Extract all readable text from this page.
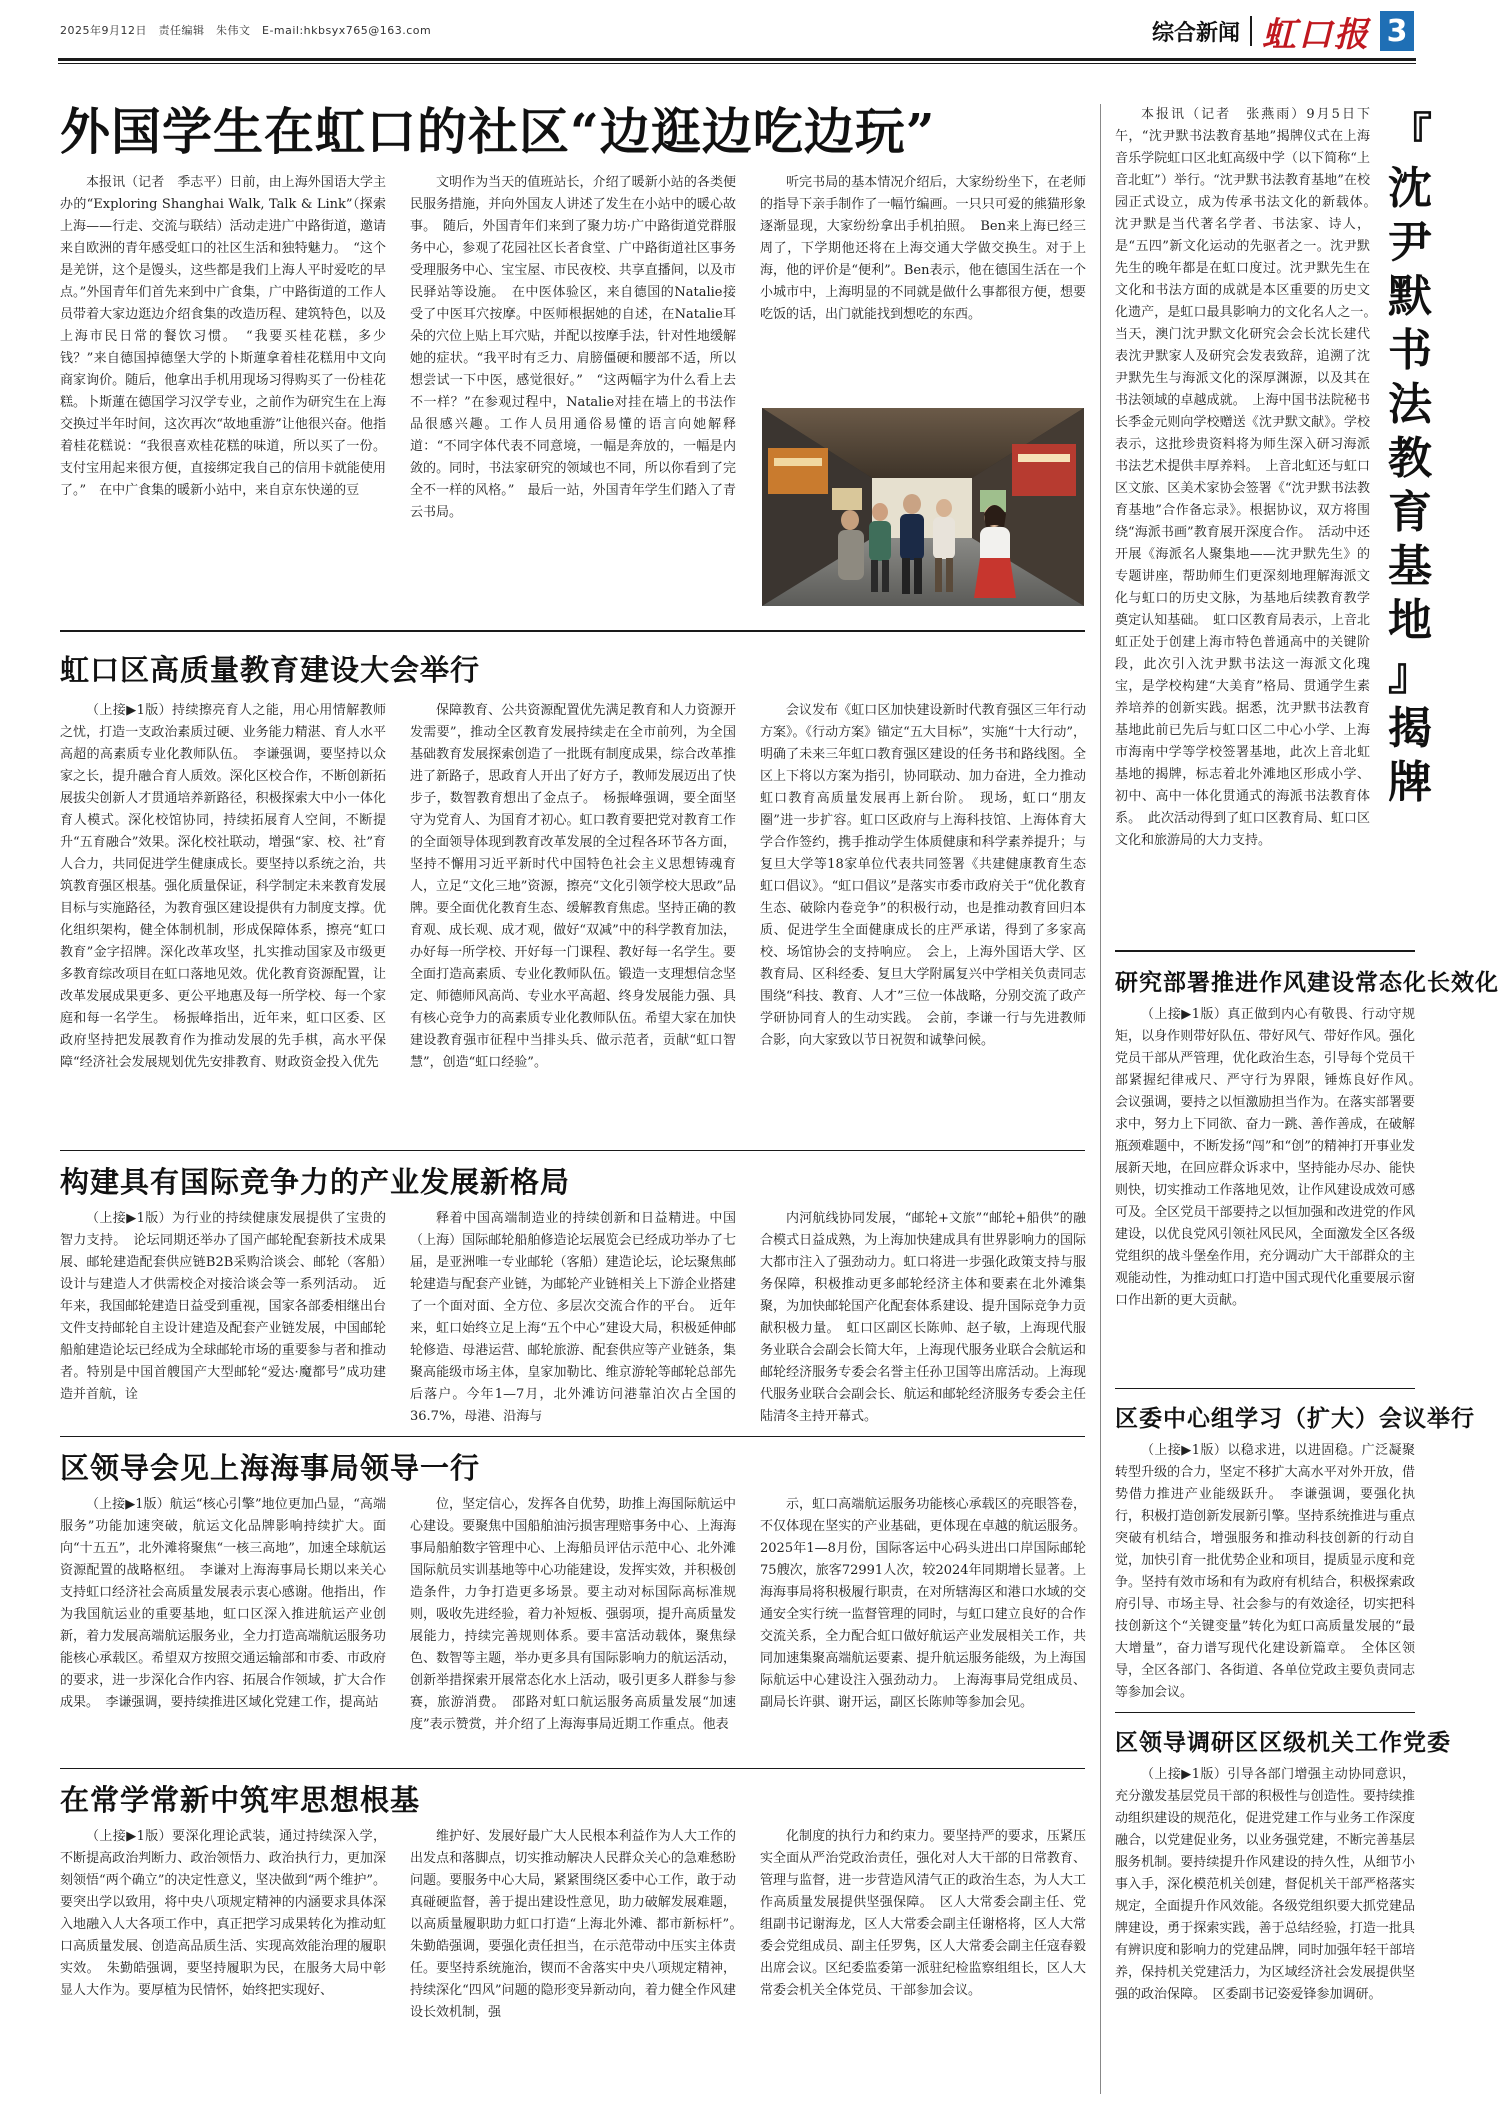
2025年9月12日　责任编辑　朱伟文　E-mail:hkbsyx765@163.com	综合新闻 虹口报 3
外国学生在虹口的社区“边逛边吃边玩”

本报讯（记者　季志平）日前，由上海外国语大学主办的“Exploring Shanghai Walk, Talk & Link”（探索上海——行走、交流与联结）活动走进广中路街道，邀请来自欧洲的青年感受虹口的社区生活和独特魅力。　“这个是羌饼，这个是馒头，这些都是我们上海人平时爱吃的早点。”外国青年们首先来到中广食集，广中路街道的工作人员带着大家边逛边介绍食集的改造历程、建筑特色，以及上海市民日常的餐饮习惯。　“我要买桂花糕，多少钱？”来自德国掉德堡大学的卜斯蓮拿着桂花糕用中文向商家询价。随后，他拿出手机用现场习得购买了一份桂花糕。卜斯蓮在德国学习汉学专业，之前作为研究生在上海交换过半年时间，这次再次“故地重游”让他很兴奋。他指着桂花糕说：“我很喜欢桂花糕的味道，所以买了一份。支付宝用起来很方便，直接绑定我自己的信用卡就能使用了。”　在中广食集的暖新小站中，来自京东快递的豆

文明作为当天的值班站长，介绍了暖新小站的各类便民服务措施，并向外国友人讲述了发生在小站中的暖心故事。　随后，外国青年们来到了聚力坊·广中路街道党群服务中心，参观了花园社区长者食堂、广中路街道社区事务受理服务中心、宝宝屋、市民夜校、共享直播间，以及市民驿站等设施。　在中医体验区，来自德国的Natalie接受了中医耳穴按摩。中医师根据她的自述，在Natalie耳朵的穴位上贴上耳穴贴，并配以按摩手法，针对性地缓解她的症状。“我平时有乏力、肩膀僵硬和腰部不适，所以想尝试一下中医，感觉很好。”　“这两幅字为什么看上去不一样？”在参观过程中，Natalie对挂在墙上的书法作品很感兴趣。工作人员用通俗易懂的语言向她解释道：“不同字体代表不同意境，一幅是奔放的，一幅是内敛的。同时，书法家研究的领域也不同，所以你看到了完全不一样的风格。”　最后一站，外国青年学生们踏入了青云书局。

听完书局的基本情况介绍后，大家纷纷坐下，在老师的指导下亲手制作了一幅竹编画。一只只可爱的熊猫形象逐渐显现，大家纷纷拿出手机拍照。　Ben来上海已经三周了，下学期他还将在上海交通大学做交换生。对于上海，他的评价是“便利”。Ben表示，他在德国生活在一个小城市中，上海明显的不同就是做什么事都很方便，想要吃饭的话，出门就能找到想吃的东西。

『
沈
尹
默
书
法
教
育
基
地
』
揭
牌

本报讯（记者　张燕雨）9月5日下午，“沈尹默书法教育基地”揭牌仪式在上海音乐学院虹口区北虹高级中学（以下简称“上音北虹”）举行。“沈尹默书法教育基地”在校园正式设立，成为传承书法文化的新载体。　沈尹默是当代著名学者、书法家、诗人，是“五四”新文化运动的先驱者之一。沈尹默先生的晚年都是在虹口度过。沈尹默先生在文化和书法方面的成就是本区重要的历史文化遗产，是虹口最具影响力的文化名人之一。　当天，澳门沈尹默文化研究会会长沈长建代表沈尹默家人及研究会发表致辞，追溯了沈尹默先生与海派文化的深厚渊源，以及其在书法领域的卓越成就。　上海中国书法院秘书长季金元则向学校赠送《沈尹默文献》。学校表示，这批珍贵资料将为师生深入研习海派书法艺术提供丰厚养料。　上音北虹还与虹口区文旅、区美术家协会签署《“沈尹默书法教育基地”合作备忘录》。根据协议，双方将围绕“海派书画”教育展开深度合作。　活动中还开展《海派名人聚集地——沈尹默先生》的专题讲座，帮助师生们更深刻地理解海派文化与虹口的历史文脉，为基地后续教育教学奠定认知基础。　虹口区教育局表示，上音北虹正处于创建上海市特色普通高中的关键阶段，此次引入沈尹默书法这一海派文化瑰宝，是学校构建“大美育”格局、贯通学生素养培养的创新实践。据悉，沈尹默书法教育基地此前已先后与虹口区二中心小学、上海市海南中学等学校签署基地，此次上音北虹基地的揭牌，标志着北外滩地区形成小学、初中、高中一体化贯通式的海派书法教育体系。　此次活动得到了虹口区教育局、虹口区文化和旅游局的大力支持。

虹口区高质量教育建设大会举行

（上接▶1版）持续擦亮育人之能，用心用情解教师之忧，打造一支政治素质过硬、业务能力精湛、育人水平高超的高素质专业化教师队伍。　李谦强调，要坚持以众家之长，提升融合育人质效。深化区校合作，不断创新拓展拔尖创新人才贯通培养新路径，积极探索大中小一体化育人模式。深化校馆协同，持续拓展育人空间，不断提升“五育融合”效果。深化校社联动，增强“家、校、社”育人合力，共同促进学生健康成长。要坚持以系统之治，共筑教育强区根基。强化质量保证，科学制定未来教育发展目标与实施路径，为教育强区建设提供有力制度支撑。优化组织架构，健全体制机制，形成保障体系，擦亮“虹口教育”金字招牌。深化改革攻坚，扎实推动国家及市级更多教育综改项目在虹口落地见效。优化教育资源配置，让改革发展成果更多、更公平地惠及每一所学校、每一个家庭和每一名学生。　杨振峰指出，近年来，虹口区委、区政府坚持把发展教育作为推动发展的先手棋，高水平保障“经济社会发展规划优先安排教育、财政资金投入优先

保障教育、公共资源配置优先满足教育和人力资源开发需要”，推动全区教育发展持续走在全市前列，为全国基础教育发展探索创造了一批既有制度成果，综合改革推进了新路子，思政育人开出了好方子，教师发展迈出了快步子，数智教育想出了金点子。　杨振峰强调，要全面坚守为党育人、为国育才初心。虹口教育要把党对教育工作的全面领导体现到教育改革发展的全过程各环节各方面，坚持不懈用习近平新时代中国特色社会主义思想铸魂育人，立足“文化三地”资源，擦亮“文化引领学校大思政”品牌。要全面优化教育生态、缓解教育焦虑。坚持正确的教育观、成长观、成才观，做好“双减”中的科学教育加法，办好每一所学校、开好每一门课程、教好每一名学生。要全面打造高素质、专业化教师队伍。锻造一支理想信念坚定、师德师风高尚、专业水平高超、终身发展能力强、具有核心竞争力的高素质专业化教师队伍。希望大家在加快建设教育强市征程中当排头兵、做示范者，贡献“虹口智慧”，创造“虹口经验”。

会议发布《虹口区加快建设新时代教育强区三年行动方案》。《行动方案》锚定“五大目标”，实施“十大行动”，明确了未来三年虹口教育强区建设的任务书和路线图。全区上下将以方案为指引，协同联动、加力奋进，全力推动虹口教育高质量发展再上新台阶。　现场，虹口“朋友圈”进一步扩容。虹口区政府与上海科技馆、上海体育大学合作签约，携手推动学生体质健康和科学素养提升；与复旦大学等18家单位代表共同签署《共建健康教育生态虹口倡议》。“虹口倡议”是落实市委市政府关于“优化教育生态、破除内卷竞争”的积极行动，也是推动教育回归本质、促进学生全面健康成长的庄严承诺，得到了多家高校、场馆协会的支持响应。　会上，上海外国语大学、区教育局、区科经委、复旦大学附属复兴中学相关负责同志围绕“科技、教育、人才”三位一体战略，分别交流了政产学研协同育人的生动实践。　会前，李谦一行与先进教师合影，向大家致以节日祝贺和诚挚问候。

构建具有国际竞争力的产业发展新格局

（上接▶1版）为行业的持续健康发展提供了宝贵的智力支持。　论坛同期还举办了国产邮轮配套新技术成果展、邮轮建造配套供应链B2B采购洽谈会、邮轮（客船）设计与建造人才供需校企对接洽谈会等一系列活动。　近年来，我国邮轮建造日益受到重视，国家各部委相继出台文件支持邮轮自主设计建造及配套产业链发展，中国邮轮船舶建造论坛已经成为全球邮轮市场的重要参与者和推动者。特别是中国首艘国产大型邮轮“爱达·魔都号”成功建造并首航，诠

释着中国高端制造业的持续创新和日益精进。中国（上海）国际邮轮船舶修造论坛展览会已经成功举办了七届，是亚洲唯一专业邮轮（客船）建造论坛，论坛聚焦邮轮建造与配套产业链，为邮轮产业链相关上下游企业搭建了一个面对面、全方位、多层次交流合作的平台。　近年来，虹口始终立足上海“五个中心”建设大局，积极延伸邮轮修造、母港运营、邮轮旅游、配套供应等产业链条，集聚高能级市场主体，皇家加勒比、维京游轮等邮轮总部先后落户。今年1—7月，北外滩访问港靠泊次占全国的36.7%，母港、沿海与

内河航线协同发展，“邮轮+文旅”“邮轮+船供”的融合模式日益成熟，为上海加快建成具有世界影响力的国际大都市注入了强劲动力。虹口将进一步强化政策支持与服务保障，积极推动更多邮轮经济主体和要素在北外滩集聚，为加快邮轮国产化配套体系建设、提升国际竞争力贡献积极力量。　虹口区副区长陈帅、赵子敏，上海现代服务业联合会副会长简大年，上海现代服务业联合会航运和邮轮经济服务专委会名誉主任孙卫国等出席活动。上海现代服务业联合会副会长、航运和邮轮经济服务专委会主任陆清冬主持开幕式。

区领导会见上海海事局领导一行

（上接▶1版）航运“核心引擎”地位更加凸显，“高端服务”功能加速突破，航运文化品牌影响持续扩大。面向“十五五”，北外滩将聚焦“一核三高地”，加速全球航运资源配置的战略枢纽。　李谦对上海海事局长期以来关心支持虹口经济社会高质量发展表示衷心感谢。他指出，作为我国航运业的重要基地，虹口区深入推进航运产业创新，着力发展高端航运服务业，全力打造高端航运服务功能核心承载区。希望双方按照交通运输部和市委、市政府的要求，进一步深化合作内容、拓展合作领域，扩大合作成果。　李谦强调，要持续推进区域化党建工作，提高站

位，坚定信心，发挥各自优势，助推上海国际航运中心建设。要聚焦中国船舶油污损害理赔事务中心、上海海事局船舶数字管理中心、上海船员评估示范中心、北外滩国际航员实训基地等中心功能建设，发挥实效，并积极创造条件，力争打造更多场景。要主动对标国际高标准规则，吸收先进经验，着力补短板、强弱项，提升高质量发展能力，持续完善规则体系。要丰富活动载体，聚焦绿色、数智等主题，举办更多具有国际影响力的航运活动，创新举措探索开展常态化水上活动，吸引更多人群参与参赛，旅游消费。　邵路对虹口航运服务高质量发展“加速度”表示赞赏，并介绍了上海海事局近期工作重点。他表

示，虹口高端航运服务功能核心承载区的亮眼答卷，不仅体现在坚实的产业基础，更体现在卓越的航运服务。2025年1—8月份，国际客运中心码头进出口岸国际邮轮75艘次，旅客72991人次，较2024年同期增长显著。上海海事局将积极履行职责，在对所辖海区和港口水域的交通安全实行统一监督管理的同时，与虹口建立良好的合作交流关系，全力配合虹口做好航运产业发展相关工作，共同加速集聚高端航运要素、提升航运服务能级，为上海国际航运中心建设注入强劲动力。　上海海事局党组成员、副局长许骐、谢开运，副区长陈帅等参加会见。

在常学常新中筑牢思想根基

（上接▶1版）要深化理论武装，通过持续深入学，不断提高政治判断力、政治领悟力、政治执行力，更加深刻领悟“两个确立”的决定性意义，坚决做到“两个维护”。要突出学以致用，将中央八项规定精神的内涵要求具体深入地融入人大各项工作中，真正把学习成果转化为推动虹口高质量发展、创造高品质生活、实现高效能治理的履职实效。　朱勤皓强调，要坚持履职为民，在服务大局中彰显人大作为。要厚植为民情怀，始终把实现好、

维护好、发展好最广大人民根本利益作为人大工作的出发点和落脚点，切实推动解决人民群众关心的急难愁盼问题。要服务中心大局，紧紧围绕区委中心工作，敢于动真碰硬监督，善于提出建设性意见，助力破解发展难题，以高质量履职助力虹口打造“上海北外滩、都市新标杆”。　朱勤皓强调，要强化责任担当，在示范带动中压实主体责任。要坚持系统施治，锲而不舍落实中央八项规定精神，持续深化“四风”问题的隐形变异新动向，着力健全作风建设长效机制，强

化制度的执行力和约束力。要坚持严的要求，压紧压实全面从严治党政治责任，强化对人大干部的日常教育、管理与监督，进一步营造风清气正的政治生态，为人大工作高质量发展提供坚强保障。　区人大常委会副主任、党组副书记谢海龙，区人大常委会副主任谢格将，区人大常委会党组成员、副主任罗隽，区人大常委会副主任寇春毅出席会议。区纪委监委第一派驻纪检监察组组长，区人大常委会机关全体党员、干部参加会议。

研究部署推进作风建设常态化长效化

（上接▶1版）真正做到内心有敬畏、行动守规矩，以身作则带好队伍、带好风气、带好作风。强化党员干部从严管理，优化政治生态，引导每个党员干部紧握纪律戒尺、严守行为界限，锤炼良好作风。　会议强调，要持之以恒激励担当作为。在落实部署要求中，努力上下同欲、奋力一跳、善作善成，在破解瓶颈难题中，不断发扬“闯”和“创”的精神打开事业发展新天地，在回应群众诉求中，坚持能办尽办、能快则快，切实推动工作落地见效，让作风建设成效可感可及。全区党员干部要持之以恒加强和改进党的作风建设，以优良党风引领社风民风，全面激发全区各级党组织的战斗堡垒作用，充分调动广大干部群众的主观能动性，为推动虹口打造中国式现代化重要展示窗口作出新的更大贡献。

区委中心组学习（扩大）会议举行

（上接▶1版）以稳求进，以进固稳。广泛凝聚转型升级的合力，坚定不移扩大高水平对外开放，借势借力推进产业能级跃升。　李谦强调，要强化执行，积极打造创新发展新引擎。坚持系统推进与重点突破有机结合，增强服务和推动科技创新的行动自觉，加快引育一批优势企业和项目，提质显示度和竞争。坚持有效市场和有为政府有机结合，积极探索政府引导、市场主导、社会参与的有效途径，切实把科技创新这个“关键变量”转化为虹口高质量发展的“最大增量”，奋力谱写现代化建设新篇章。　全体区领导，全区各部门、各街道、各单位党政主要负责同志等参加会议。

区领导调研区区级机关工作党委

（上接▶1版）引导各部门增强主动协同意识，充分激发基层党员干部的积极性与创造性。要持续推动组织建设的规范化，促进党建工作与业务工作深度融合，以党建促业务，以业务强党建，不断完善基层服务机制。要持续提升作风建设的持久性，从细节小事入手，深化模范机关创建，督促机关干部严格落实规定，全面提升作风效能。各级党组织要大抓党建品牌建设，勇于探索实践，善于总结经验，打造一批具有辨识度和影响力的党建品牌，同时加强年轻干部培养，保持机关党建活力，为区域经济社会发展提供坚强的政治保障。　区委副书记姿爱锋参加调研。
